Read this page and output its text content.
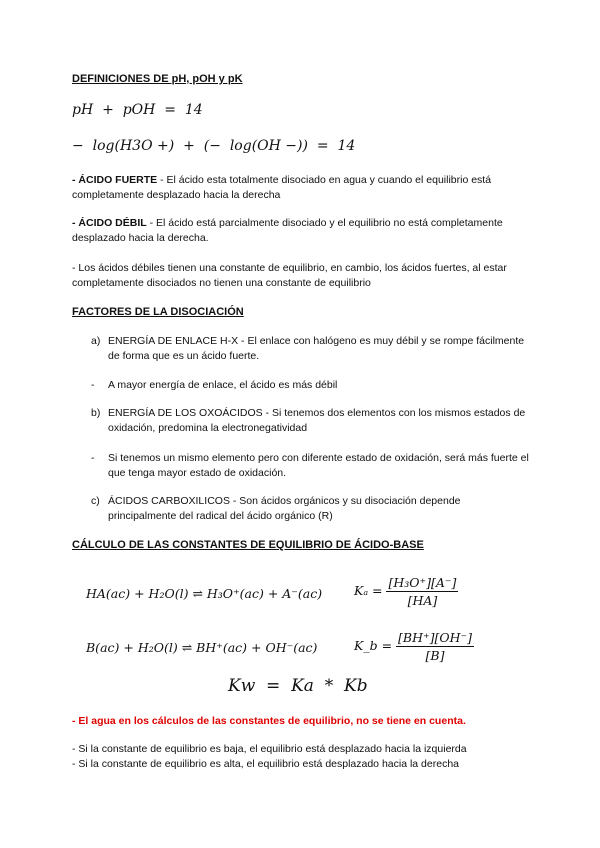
DEFINICIONES DE pH, pOH y pK
pH  +  pOH  =  14
−  log(H3O +)  +  (−  log(OH −))  =  14
- ÁCIDO FUERTE - El ácido esta totalmente disociado en agua y cuando el equilibrio está completamente desplazado hacia la derecha
- ÁCIDO DÉBIL - El ácido está parcialmente disociado y el equilibrio no está completamente desplazado hacia la derecha.
- Los ácidos débiles tienen una constante de equilibrio, en cambio, los ácidos fuertes, al estar completamente disociados no tienen una constante de equilibrio
FACTORES DE LA DISOCIACIÓN
a) ENERGÍA DE ENLACE H-X - El enlace con halógeno es muy débil y se rompe fácilmente de forma que es un ácido fuerte.
-	A mayor energía de enlace, el ácido es más débil
b) ENERGÍA DE LOS OXOÁCIDOS - Si tenemos dos elementos con los mismos estados de oxidación, predomina la electronegatividad
-	Si tenemos un mismo elemento pero con diferente estado de oxidación, será más fuerte el que tenga mayor estado de oxidación.
c) ÁCIDOS CARBOXILICOS - Son ácidos orgánicos y su disociación depende principalmente del radical del ácido orgánico (R)
CÁLCULO DE LAS CONSTANTES DE EQUILIBRIO DE ÁCIDO-BASE
HA(ac) + H₂O(l) ⇌ H₃O⁺(ac) + A⁻(ac)	$K_a = \frac{\text{[H₃O⁺][A⁻]}}{[HA]}$
B(ac) + H₂O(l) ⇌ BH⁺(ac) + OH⁻(ac)	K_b = $\frac{[BH^+][OH^-]}{[B]}$
Kw  =  Ka  *  Kb
- El agua en los cálculos de las constantes de equilibrio, no se tiene en cuenta.
- Si la constante de equilibrio es baja, el equilibrio está desplazado hacia la izquierda
- Si la constante de equilibrio es alta, el equilibrio está desplazado hacia la derecha
